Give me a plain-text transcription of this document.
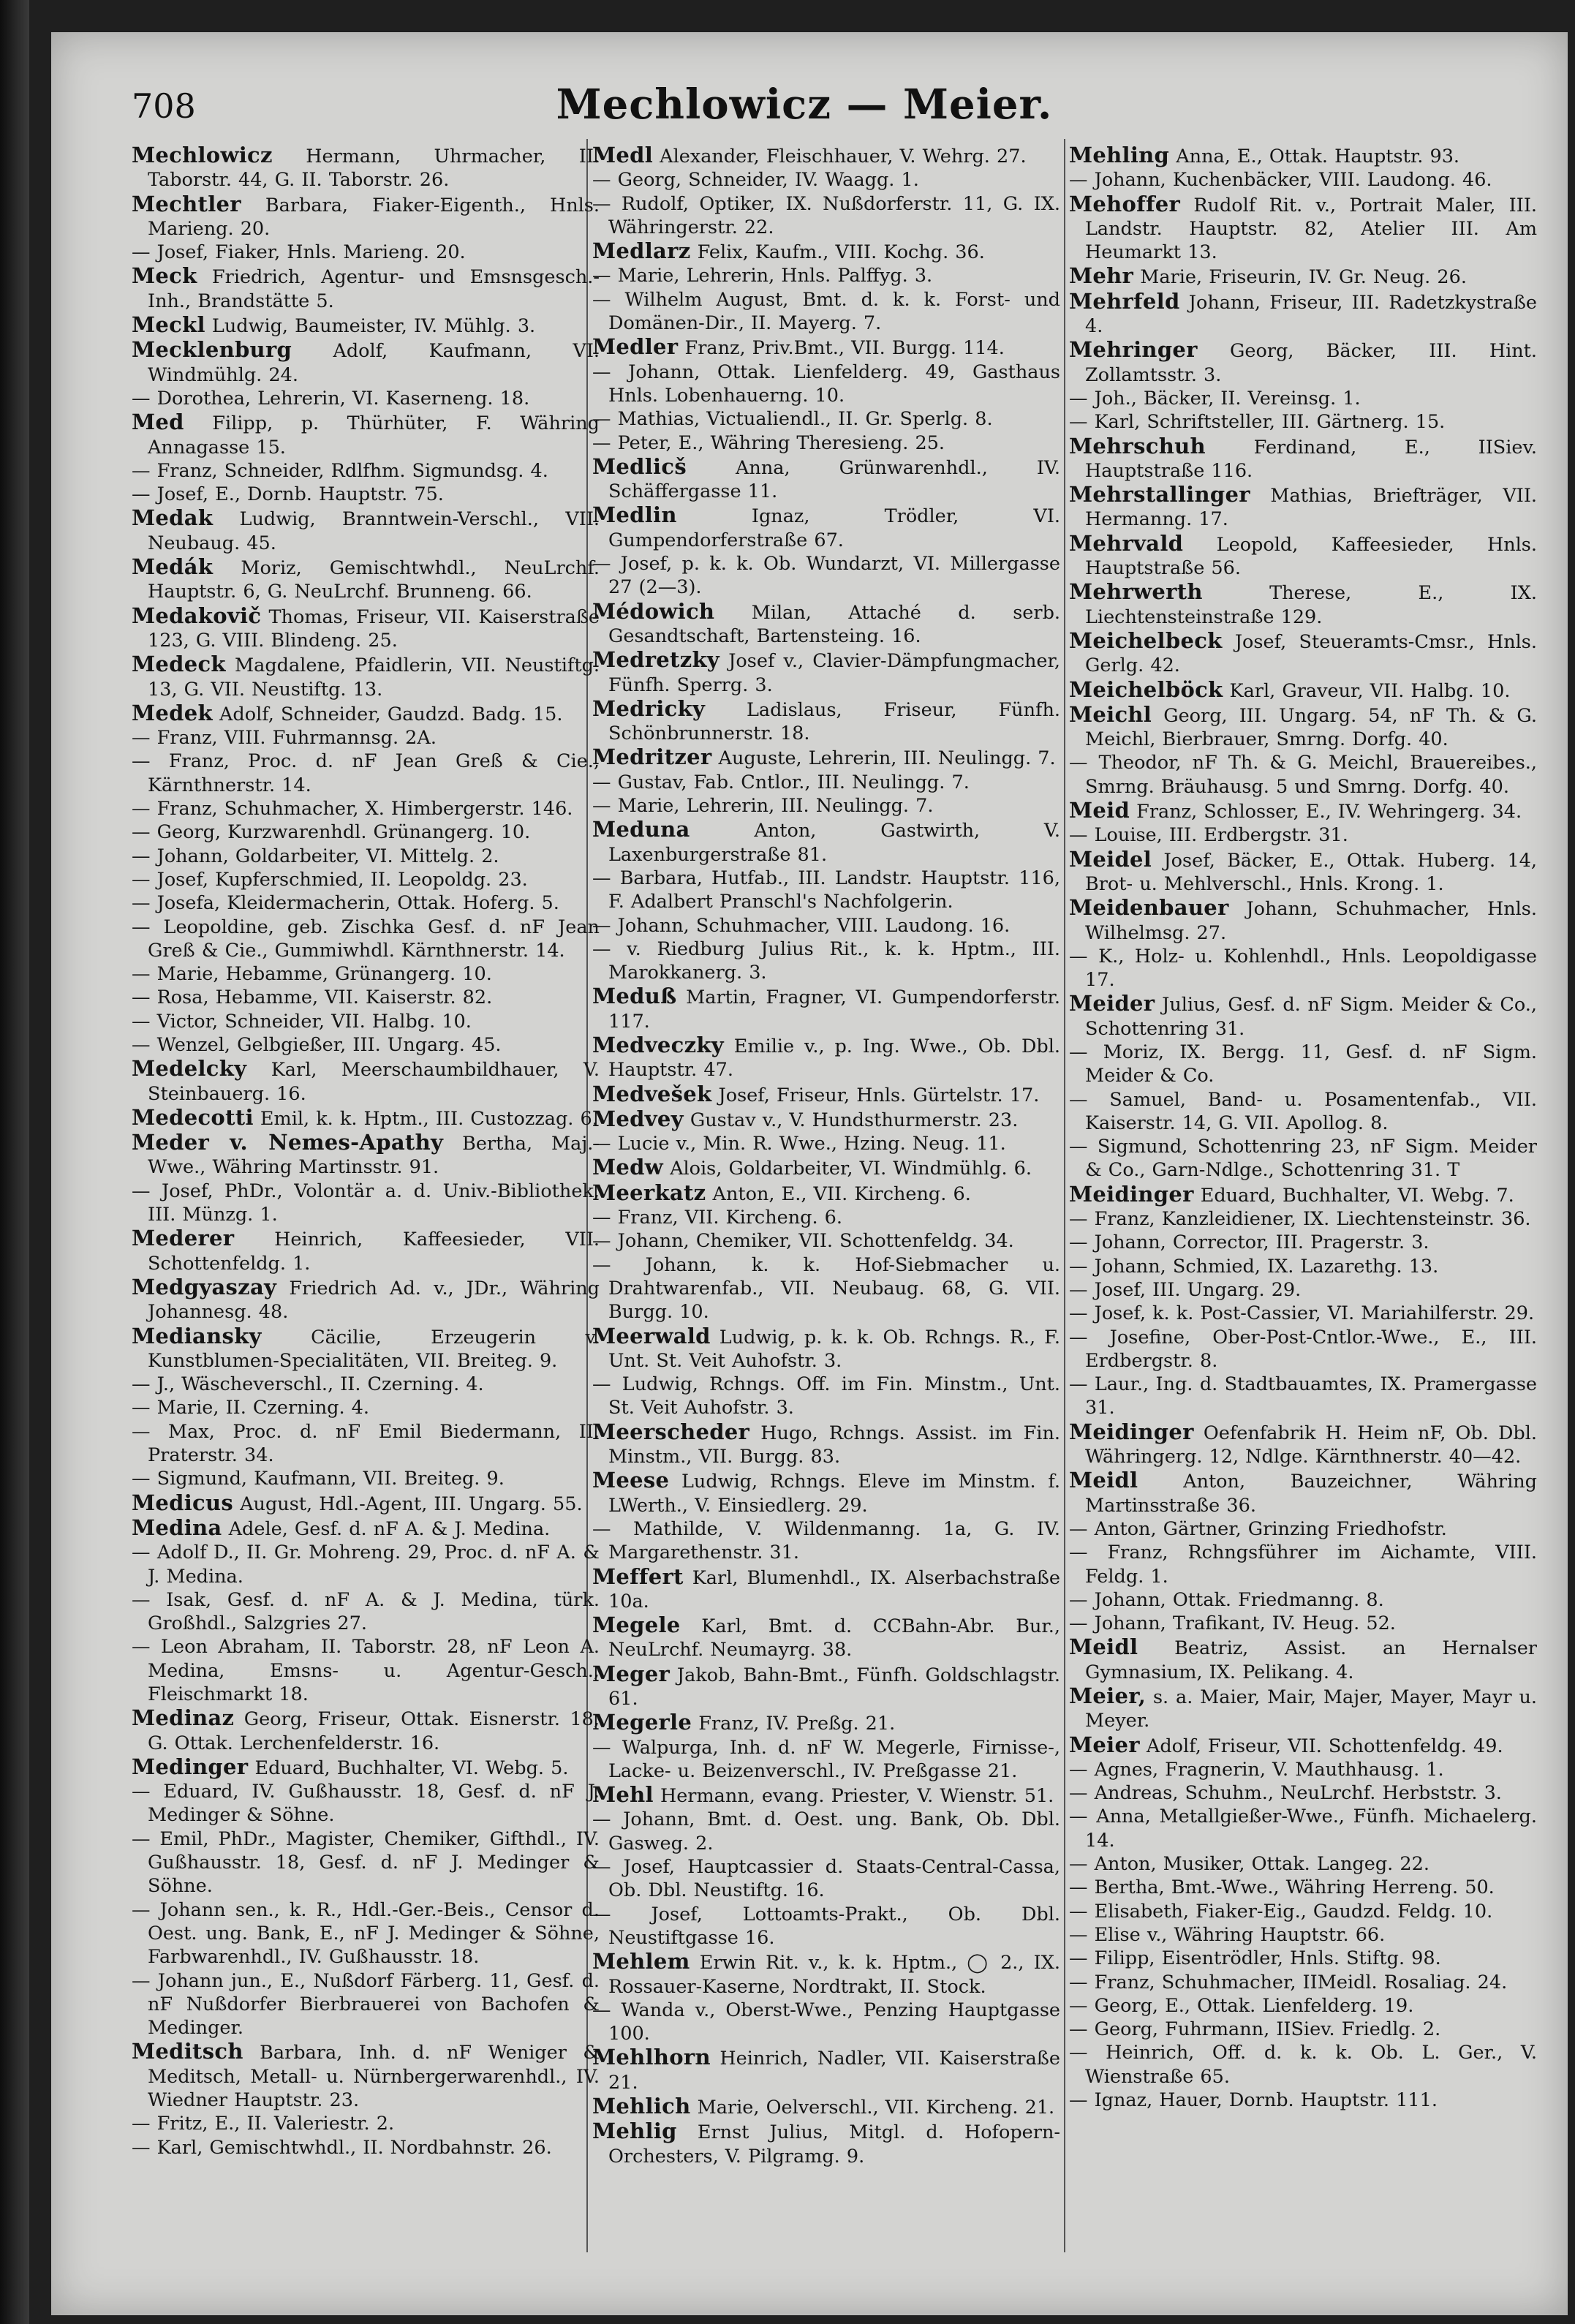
708	Mechlowicz — Meier.

Mechlowicz Hermann, Uhrmacher, II. Taborstr. 44, G. II. Taborstr. 26.

Mechtler Barbara, Fiaker-Eigenth., Hnls. Marieng. 20.

— Josef, Fiaker, Hnls. Marieng. 20.

Meck Friedrich, Agentur- und Emsnsgesch.-Inh., Brandstätte 5.

Meckl Ludwig, Baumeister, IV. Mühlg. 3.

Mecklenburg Adolf, Kaufmann, VI. Windmühlg. 24.

— Dorothea, Lehrerin, VI. Kaserneng. 18.

Med Filipp, p. Thürhüter, F. Währing Annagasse 15.

— Franz, Schneider, Rdlfhm. Sigmundsg. 4.

— Josef, E., Dornb. Hauptstr. 75.

Medak Ludwig, Branntwein-Verschl., VII. Neubaug. 45.

Medák Moriz, Gemischtwhdl., NeuLrchf. Hauptstr. 6, G. NeuLrchf. Brunneng. 66.

Medakovič Thomas, Friseur, VII. Kaiserstraße 123, G. VIII. Blindeng. 25.

Medeck Magdalene, Pfaidlerin, VII. Neustiftg. 13, G. VII. Neustiftg. 13.

Medek Adolf, Schneider, Gaudzd. Badg. 15.

— Franz, VIII. Fuhrmannsg. 2A.

— Franz, Proc. d. nF Jean Greß & Cie., Kärnthnerstr. 14.

— Franz, Schuhmacher, X. Himbergerstr. 146.

— Georg, Kurzwarenhdl. Grünangerg. 10.

— Johann, Goldarbeiter, VI. Mittelg. 2.

— Josef, Kupferschmied, II. Leopoldg. 23.

— Josefa, Kleidermacherin, Ottak. Hoferg. 5.

— Leopoldine, geb. Zischka Gesf. d. nF Jean Greß & Cie., Gummiwhdl. Kärnthnerstr. 14.

— Marie, Hebamme, Grünangerg. 10.

— Rosa, Hebamme, VII. Kaiserstr. 82.

— Victor, Schneider, VII. Halbg. 10.

— Wenzel, Gelbgießer, III. Ungarg. 45.

Medelcky Karl, Meerschaumbildhauer, V. Steinbauerg. 16.

Medecotti Emil, k. k. Hptm., III. Custozzag. 6.

Meder v. Nemes-Apathy Bertha, Maj.-Wwe., Währing Martinsstr. 91.

— Josef, PhDr., Volontär a. d. Univ.-Bibliothek, III. Münzg. 1.

Mederer Heinrich, Kaffeesieder, VII. Schottenfeldg. 1.

Medgyaszay Friedrich Ad. v., JDr., Währing Johannesg. 48.

Mediansky Cäcilie, Erzeugerin v. Kunstblumen-Specialitäten, VII. Breiteg. 9.

— J., Wäscheverschl., II. Czerning. 4.

— Marie, II. Czerning. 4.

— Max, Proc. d. nF Emil Biedermann, II. Praterstr. 34.

— Sigmund, Kaufmann, VII. Breiteg. 9.

Medicus August, Hdl.-Agent, III. Ungarg. 55.

Medina Adele, Gesf. d. nF A. & J. Medina.

— Adolf D., II. Gr. Mohreng. 29, Proc. d. nF A. & J. Medina.

— Isak, Gesf. d. nF A. & J. Medina, türk. Großhdl., Salzgries 27.

— Leon Abraham, II. Taborstr. 28, nF Leon A. Medina, Emsns- u. Agentur-Gesch., Fleischmarkt 18.

Medinaz Georg, Friseur, Ottak. Eisnerstr. 18, G. Ottak. Lerchenfelderstr. 16.

Medinger Eduard, Buchhalter, VI. Webg. 5.

— Eduard, IV. Gußhausstr. 18, Gesf. d. nF J. Medinger & Söhne.

— Emil, PhDr., Magister, Chemiker, Gifthdl., IV. Gußhausstr. 18, Gesf. d. nF J. Medinger & Söhne.

— Johann sen., k. R., Hdl.-Ger.-Beis., Censor d. Oest. ung. Bank, E., nF J. Medinger & Söhne, Farbwarenhdl., IV. Gußhausstr. 18.

— Johann jun., E., Nußdorf Färberg. 11, Gesf. d. nF Nußdorfer Bierbrauerei von Bachofen & Medinger.

Meditsch Barbara, Inh. d. nF Weniger & Meditsch, Metall- u. Nürnbergerwarenhdl., IV. Wiedner Hauptstr. 23.

— Fritz, E., II. Valeriestr. 2.

— Karl, Gemischtwhdl., II. Nordbahnstr. 26.

Medl Alexander, Fleischhauer, V. Wehrg. 27.

— Georg, Schneider, IV. Waagg. 1.

— Rudolf, Optiker, IX. Nußdorferstr. 11, G. IX. Währingerstr. 22.

Medlarz Felix, Kaufm., VIII. Kochg. 36.

— Marie, Lehrerin, Hnls. Palffyg. 3.

— Wilhelm August, Bmt. d. k. k. Forst- und Domänen-Dir., II. Mayerg. 7.

Medler Franz, Priv.Bmt., VII. Burgg. 114.

— Johann, Ottak. Lienfelderg. 49, Gasthaus Hnls. Lobenhauerng. 10.

— Mathias, Victualiendl., II. Gr. Sperlg. 8.

— Peter, E., Währing Theresieng. 25.

Medlicš Anna, Grünwarenhdl., IV. Schäffergasse 11.

Medlin Ignaz, Trödler, VI. Gumpendorferstraße 67.

— Josef, p. k. k. Ob. Wundarzt, VI. Millergasse 27 (2—3).

Médowich Milan, Attaché d. serb. Gesandtschaft, Bartensteing. 16.

Medretzky Josef v., Clavier-Dämpfungmacher, Fünfh. Sperrg. 3.

Medricky Ladislaus, Friseur, Fünfh. Schönbrunnerstr. 18.

Medritzer Auguste, Lehrerin, III. Neulingg. 7.

— Gustav, Fab. Cntlor., III. Neulingg. 7.

— Marie, Lehrerin, III. Neulingg. 7.

Meduna Anton, Gastwirth, V. Laxenburgerstraße 81.

— Barbara, Hutfab., III. Landstr. Hauptstr. 116, F. Adalbert Pranschl's Nachfolgerin.

— Johann, Schuhmacher, VIII. Laudong. 16.

— v. Riedburg Julius Rit., k. k. Hptm., III. Marokkanerg. 3.

Meduß Martin, Fragner, VI. Gumpendorferstr. 117.

Medveczky Emilie v., p. Ing. Wwe., Ob. Dbl. Hauptstr. 47.

Medvešek Josef, Friseur, Hnls. Gürtelstr. 17.

Medvey Gustav v., V. Hundsthurmerstr. 23.

— Lucie v., Min. R. Wwe., Hzing. Neug. 11.

Medw Alois, Goldarbeiter, VI. Windmühlg. 6.

Meerkatz Anton, E., VII. Kircheng. 6.

— Franz, VII. Kircheng. 6.

— Johann, Chemiker, VII. Schottenfeldg. 34.

— Johann, k. k. Hof-Siebmacher u. Drahtwarenfab., VII. Neubaug. 68, G. VII. Burgg. 10.

Meerwald Ludwig, p. k. k. Ob. Rchngs. R., F. Unt. St. Veit Auhofstr. 3.

— Ludwig, Rchngs. Off. im Fin. Minstm., Unt. St. Veit Auhofstr. 3.

Meerscheder Hugo, Rchngs. Assist. im Fin. Minstm., VII. Burgg. 83.

Meese Ludwig, Rchngs. Eleve im Minstm. f. LWerth., V. Einsiedlerg. 29.

— Mathilde, V. Wildenmanng. 1a, G. IV. Margarethenstr. 31.

Meffert Karl, Blumenhdl., IX. Alserbachstraße 10a.

Megele Karl, Bmt. d. CCBahn-Abr. Bur., NeuLrchf. Neumayrg. 38.

Meger Jakob, Bahn-Bmt., Fünfh. Goldschlagstr. 61.

Megerle Franz, IV. Preßg. 21.

— Walpurga, Inh. d. nF W. Megerle, Firnisse-, Lacke- u. Beizenverschl., IV. Preßgasse 21.

Mehl Hermann, evang. Priester, V. Wienstr. 51.

— Johann, Bmt. d. Oest. ung. Bank, Ob. Dbl. Gasweg. 2.

— Josef, Hauptcassier d. Staats-Central-Cassa, Ob. Dbl. Neustiftg. 16.

— Josef, Lottoamts-Prakt., Ob. Dbl. Neustiftgasse 16.

Mehlem Erwin Rit. v., k. k. Hptm., ◯ 2., IX. Rossauer-Kaserne, Nordtrakt, II. Stock.

— Wanda v., Oberst-Wwe., Penzing Hauptgasse 100.

Mehlhorn Heinrich, Nadler, VII. Kaiserstraße 21.

Mehlich Marie, Oelverschl., VII. Kircheng. 21.

Mehlig Ernst Julius, Mitgl. d. Hofopern-Orchesters, V. Pilgramg. 9.

Mehling Anna, E., Ottak. Hauptstr. 93.

— Johann, Kuchenbäcker, VIII. Laudong. 46.

Mehoffer Rudolf Rit. v., Portrait Maler, III. Landstr. Hauptstr. 82, Atelier III. Am Heumarkt 13.

Mehr Marie, Friseurin, IV. Gr. Neug. 26.

Mehrfeld Johann, Friseur, III. Radetzkystraße 4.

Mehringer Georg, Bäcker, III. Hint. Zollamtsstr. 3.

— Joh., Bäcker, II. Vereinsg. 1.

— Karl, Schriftsteller, III. Gärtnerg. 15.

Mehrschuh Ferdinand, E., IISiev. Hauptstraße 116.

Mehrstallinger Mathias, Briefträger, VII. Hermanng. 17.

Mehrvald Leopold, Kaffeesieder, Hnls. Hauptstraße 56.

Mehrwerth Therese, E., IX. Liechtensteinstraße 129.

Meichelbeck Josef, Steueramts-Cmsr., Hnls. Gerlg. 42.

Meichelböck Karl, Graveur, VII. Halbg. 10.

Meichl Georg, III. Ungarg. 54, nF Th. & G. Meichl, Bierbrauer, Smrng. Dorfg. 40.

— Theodor, nF Th. & G. Meichl, Brauereibes., Smrng. Bräuhausg. 5 und Smrng. Dorfg. 40.

Meid Franz, Schlosser, E., IV. Wehringerg. 34.

— Louise, III. Erdbergstr. 31.

Meidel Josef, Bäcker, E., Ottak. Huberg. 14, Brot- u. Mehlverschl., Hnls. Krong. 1.

Meidenbauer Johann, Schuhmacher, Hnls. Wilhelmsg. 27.

— K., Holz- u. Kohlenhdl., Hnls. Leopoldigasse 17.

Meider Julius, Gesf. d. nF Sigm. Meider & Co., Schottenring 31.

— Moriz, IX. Bergg. 11, Gesf. d. nF Sigm. Meider & Co.

— Samuel, Band- u. Posamentenfab., VII. Kaiserstr. 14, G. VII. Apollog. 8.

— Sigmund, Schottenring 23, nF Sigm. Meider & Co., Garn-Ndlge., Schottenring 31. T

Meidinger Eduard, Buchhalter, VI. Webg. 7.

— Franz, Kanzleidiener, IX. Liechtensteinstr. 36.

— Johann, Corrector, III. Pragerstr. 3.

— Johann, Schmied, IX. Lazarethg. 13.

— Josef, III. Ungarg. 29.

— Josef, k. k. Post-Cassier, VI. Mariahilferstr. 29.

— Josefine, Ober-Post-Cntlor.-Wwe., E., III. Erdbergstr. 8.

— Laur., Ing. d. Stadtbauamtes, IX. Pramergasse 31.

Meidinger Oefenfabrik H. Heim nF, Ob. Dbl. Währingerg. 12, Ndlge. Kärnthnerstr. 40—42.

Meidl Anton, Bauzeichner, Währing Martinsstraße 36.

— Anton, Gärtner, Grinzing Friedhofstr.

— Franz, Rchngsführer im Aichamte, VIII. Feldg. 1.

— Johann, Ottak. Friedmanng. 8.

— Johann, Trafikant, IV. Heug. 52.

Meidl Beatriz, Assist. an Hernalser Gymnasium, IX. Pelikang. 4.

Meier, s. a. Maier, Mair, Majer, Mayer, Mayr u. Meyer.

Meier Adolf, Friseur, VII. Schottenfeldg. 49.

— Agnes, Fragnerin, V. Mauthhausg. 1.

— Andreas, Schuhm., NeuLrchf. Herbststr. 3.

— Anna, Metallgießer-Wwe., Fünfh. Michaelerg. 14.

— Anton, Musiker, Ottak. Langeg. 22.

— Bertha, Bmt.-Wwe., Währing Herreng. 50.

— Elisabeth, Fiaker-Eig., Gaudzd. Feldg. 10.

— Elise v., Währing Hauptstr. 66.

— Filipp, Eisentrödler, Hnls. Stiftg. 98.

— Franz, Schuhmacher, IIMeidl. Rosaliag. 24.

— Georg, E., Ottak. Lienfelderg. 19.

— Georg, Fuhrmann, IISiev. Friedlg. 2.

— Heinrich, Off. d. k. k. Ob. L. Ger., V. Wienstraße 65.

— Ignaz, Hauer, Dornb. Hauptstr. 111.
